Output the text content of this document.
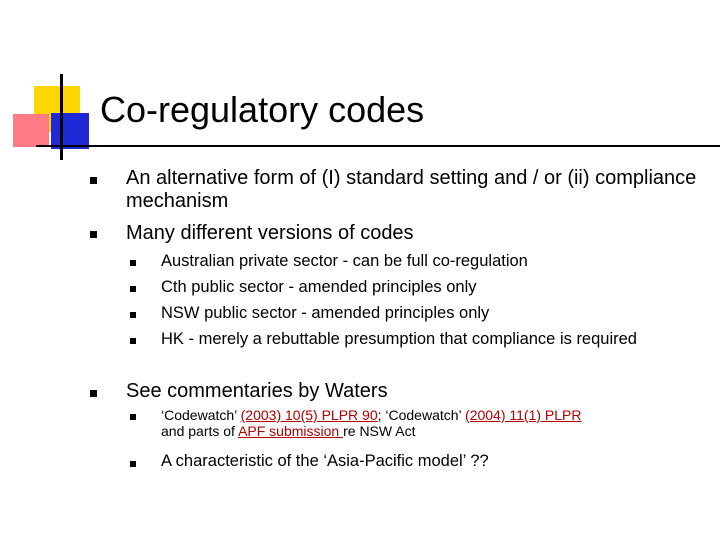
Co-regulatory codes
An alternative form of (I) standard setting and / or (ii) compliance mechanism
Many different versions of codes
Australian private sector - can be full co-regulation
Cth public sector - amended principles only
NSW public sector - amended principles only
HK - merely a rebuttable presumption that compliance is required
See commentaries by Waters
‘Codewatch’ (2003) 10(5) PLPR 90; ‘Codewatch’ (2004) 11(1) PLPR
and parts of APF submission re NSW Act
A characteristic of the ‘Asia-Pacific model’ ??
